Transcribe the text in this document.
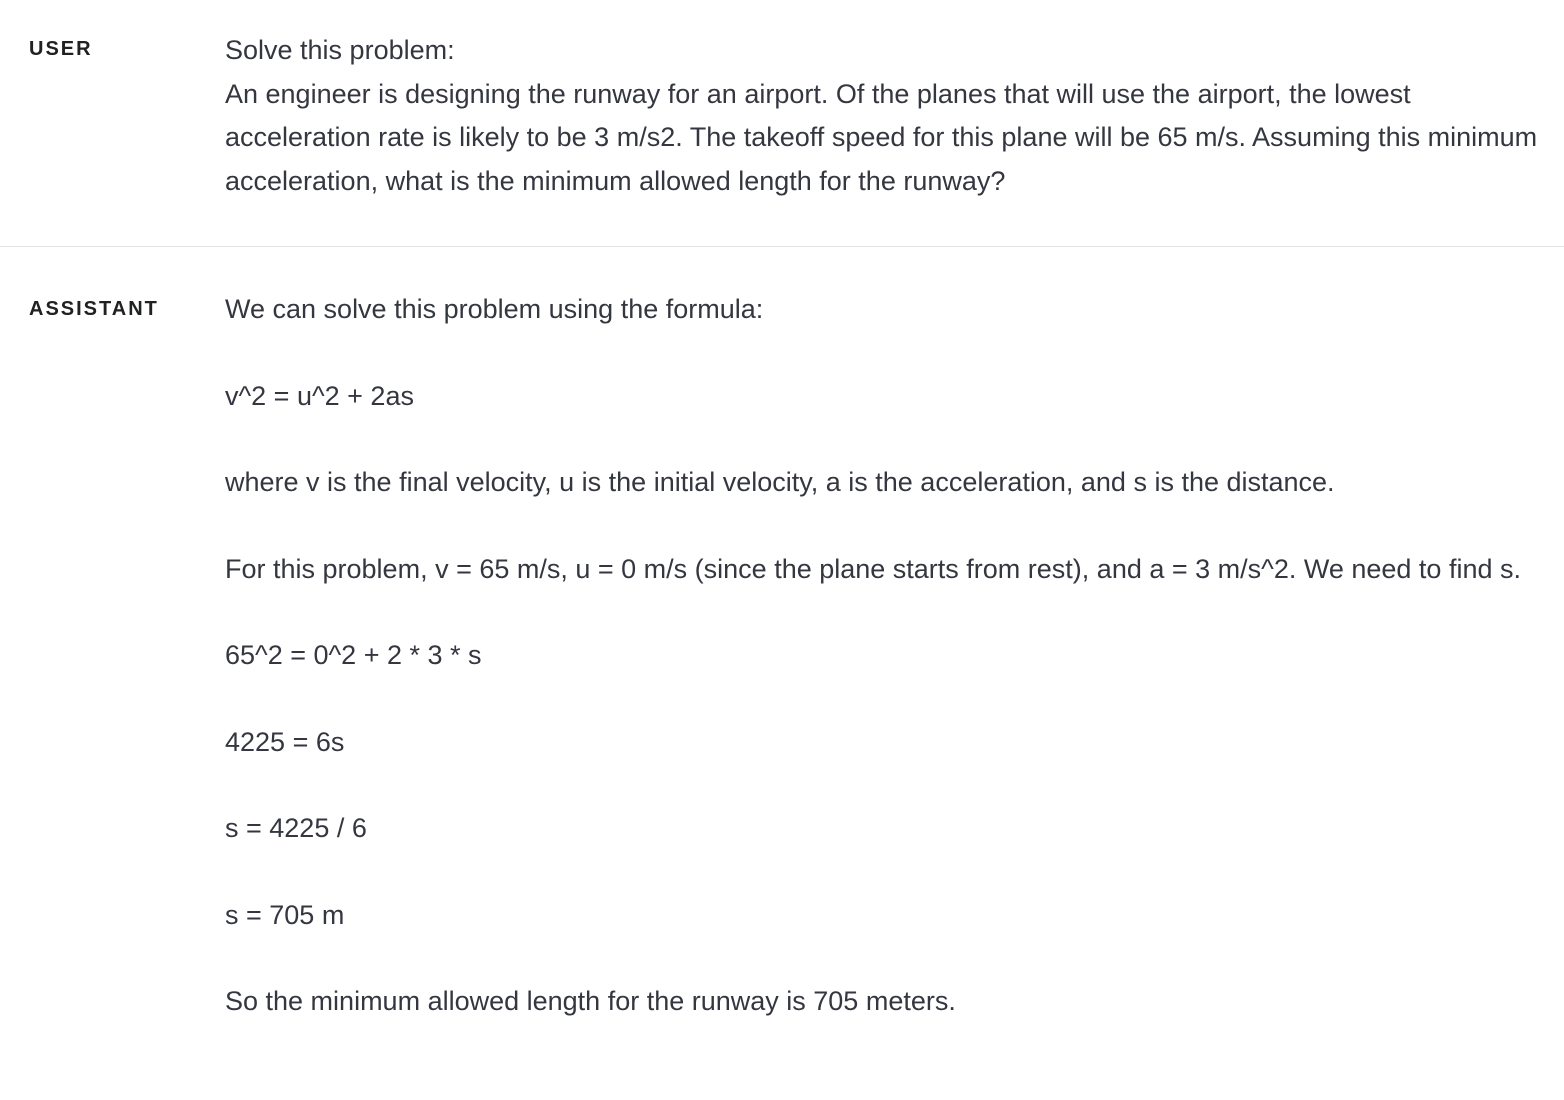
USER	Solve this problem:

An engineer is designing the runway for an airport. Of the planes that will use the airport, the lowest acceleration rate is likely to be 3 m/s2. The takeoff speed for this plane will be 65 m/s. Assuming this minimum acceleration, what is the minimum allowed length for the runway?

ASSISTANT We can solve this problem using the formula:

v^2 = u^2 + 2as

where v is the final velocity, u is the initial velocity, a is the acceleration, and s is the distance.

For this problem, v = 65 m/s, u = 0 m/s (since the plane starts from rest), and a = 3 m/s^2. We need to find s.

65^2 = 0^2 + 2 * 3 * s

4225 = 6s

s = 4225 / 6

s = 705 m

So the minimum allowed length for the runway is 705 meters.
